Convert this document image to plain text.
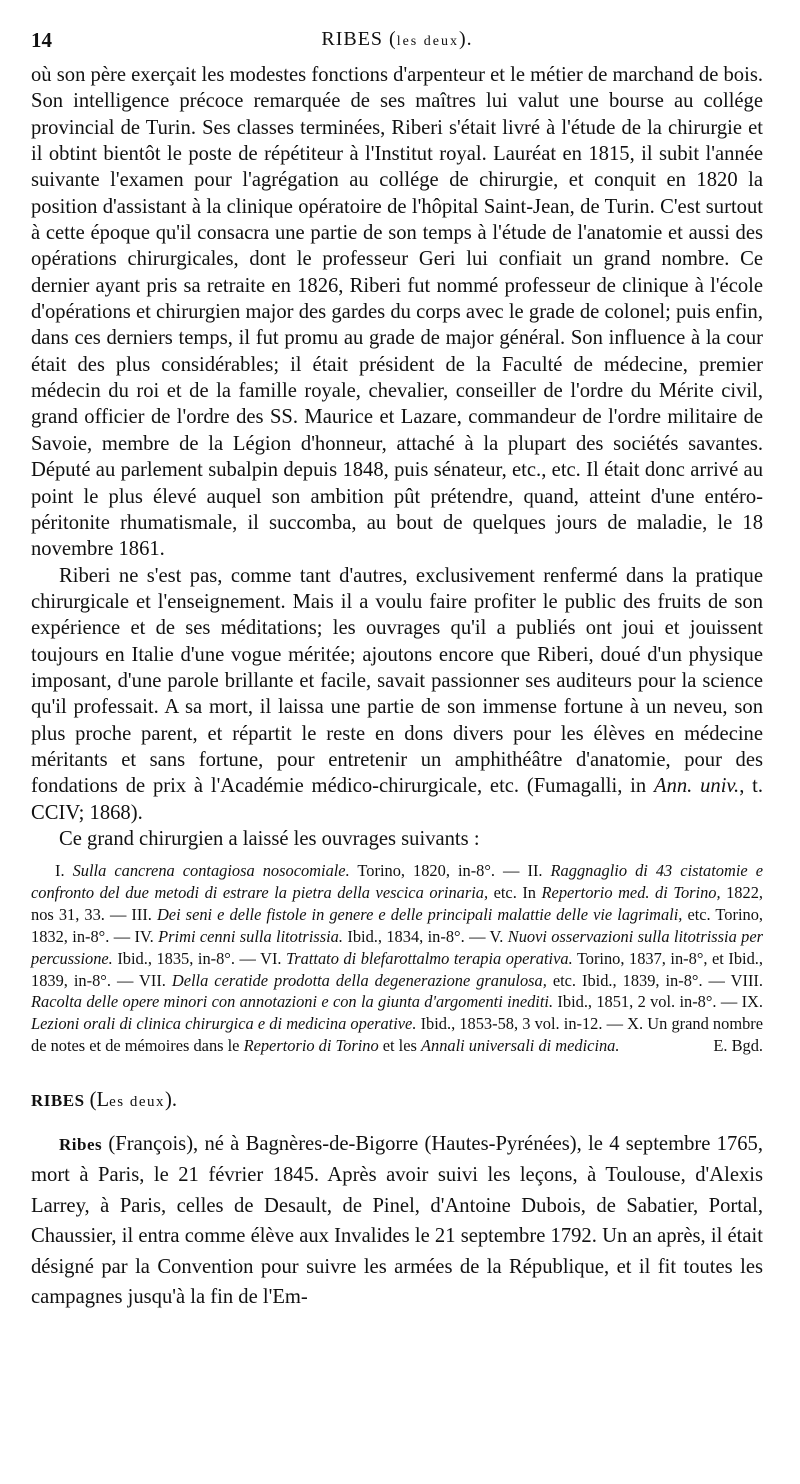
14	RIBES (les deux).

où son père exerçait les modestes fonctions d'arpenteur et le métier de marchand de bois. Son intelligence précoce remarquée de ses maîtres lui valut une bourse au collége provincial de Turin. Ses classes terminées, Riberi s'était livré à l'étude de la chirurgie et il obtint bientôt le poste de répétiteur à l'Institut royal. Lauréat en 1815, il subit l'année suivante l'examen pour l'agrégation au collége de chirurgie, et conquit en 1820 la position d'assistant à la clinique opératoire de l'hôpital Saint-Jean, de Turin. C'est surtout à cette époque qu'il consacra une partie de son temps à l'étude de l'anatomie et aussi des opérations chirurgicales, dont le professeur Geri lui confiait un grand nombre. Ce dernier ayant pris sa retraite en 1826, Riberi fut nommé professeur de clinique à l'école d'opérations et chirurgien major des gardes du corps avec le grade de colonel; puis enfin, dans ces derniers temps, il fut promu au grade de major général. Son influence à la cour était des plus considérables; il était président de la Faculté de médecine, premier médecin du roi et de la famille royale, chevalier, conseiller de l'ordre du Mérite civil, grand officier de l'ordre des SS. Maurice et Lazare, commandeur de l'ordre militaire de Savoie, membre de la Légion d'honneur, attaché à la plupart des sociétés savantes. Député au parlement subalpin depuis 1848, puis sénateur, etc., etc. Il était donc arrivé au point le plus élevé auquel son ambition pût prétendre, quand, atteint d'une entéro-péritonite rhumatismale, il succomba, au bout de quelques jours de maladie, le 18 novembre 1861.

Riberi ne s'est pas, comme tant d'autres, exclusivement renfermé dans la pratique chirurgicale et l'enseignement. Mais il a voulu faire profiter le public des fruits de son expérience et de ses méditations; les ouvrages qu'il a publiés ont joui et jouissent toujours en Italie d'une vogue méritée; ajoutons encore que Riberi, doué d'un physique imposant, d'une parole brillante et facile, savait passionner ses auditeurs pour la science qu'il professait. A sa mort, il laissa une partie de son immense fortune à un neveu, son plus proche parent, et répartit le reste en dons divers pour les élèves en médecine méritants et sans fortune, pour entretenir un amphithéâtre d'anatomie, pour des fondations de prix à l'Académie médico-chirurgicale, etc. (Fumagalli, in Ann. univ., t. CCIV; 1868).

Ce grand chirurgien a laissé les ouvrages suivants :

I. Sulla cancrena contagiosa nosocomiale. Torino, 1820, in-8°. — II. Raggnaglio di 43 cistatomie e confronto del due metodi di estrare la pietra della vescica orinaria, etc. In Repertorio med. di Torino, 1822, nos 31, 33. — III. Dei seni e delle fistole in genere e delle principali malattie delle vie lagrimali, etc. Torino, 1832, in-8°. — IV. Primi cenni sulla litotrissia. Ibid., 1834, in-8°. — V. Nuovi osservazioni sulla litotrissia per percussione. Ibid., 1835, in-8°. — VI. Trattato di blefarottalmo terapia operativa. Torino, 1837, in-8°, et Ibid., 1839, in-8°. — VII. Della ceratide prodotta della degenerazione granulosa, etc. Ibid., 1839, in-8°. — VIII. Racolta delle opere minori con annotazioni e con la giunta d'argomenti inediti. Ibid., 1851, 2 vol. in-8°. — IX. Lezioni orali di clinica chirurgica e di medicina operative. Ibid., 1853-58, 3 vol. in-12. — X. Un grand nombre de notes et de mémoires dans le Repertorio di Torino et les Annali universali di medicina.	E. Bgd.

RIBES (Les deux).

Ribes (François), né à Bagnères-de-Bigorre (Hautes-Pyrénées), le 4 septembre 1765, mort à Paris, le 21 février 1845. Après avoir suivi les leçons, à Toulouse, d'Alexis Larrey, à Paris, celles de Desault, de Pinel, d'Antoine Dubois, de Sabatier, Portal, Chaussier, il entra comme élève aux Invalides le 21 septembre 1792. Un an après, il était désigné par la Convention pour suivre les armées de la République, et il fit toutes les campagnes jusqu'à la fin de l'Em-
